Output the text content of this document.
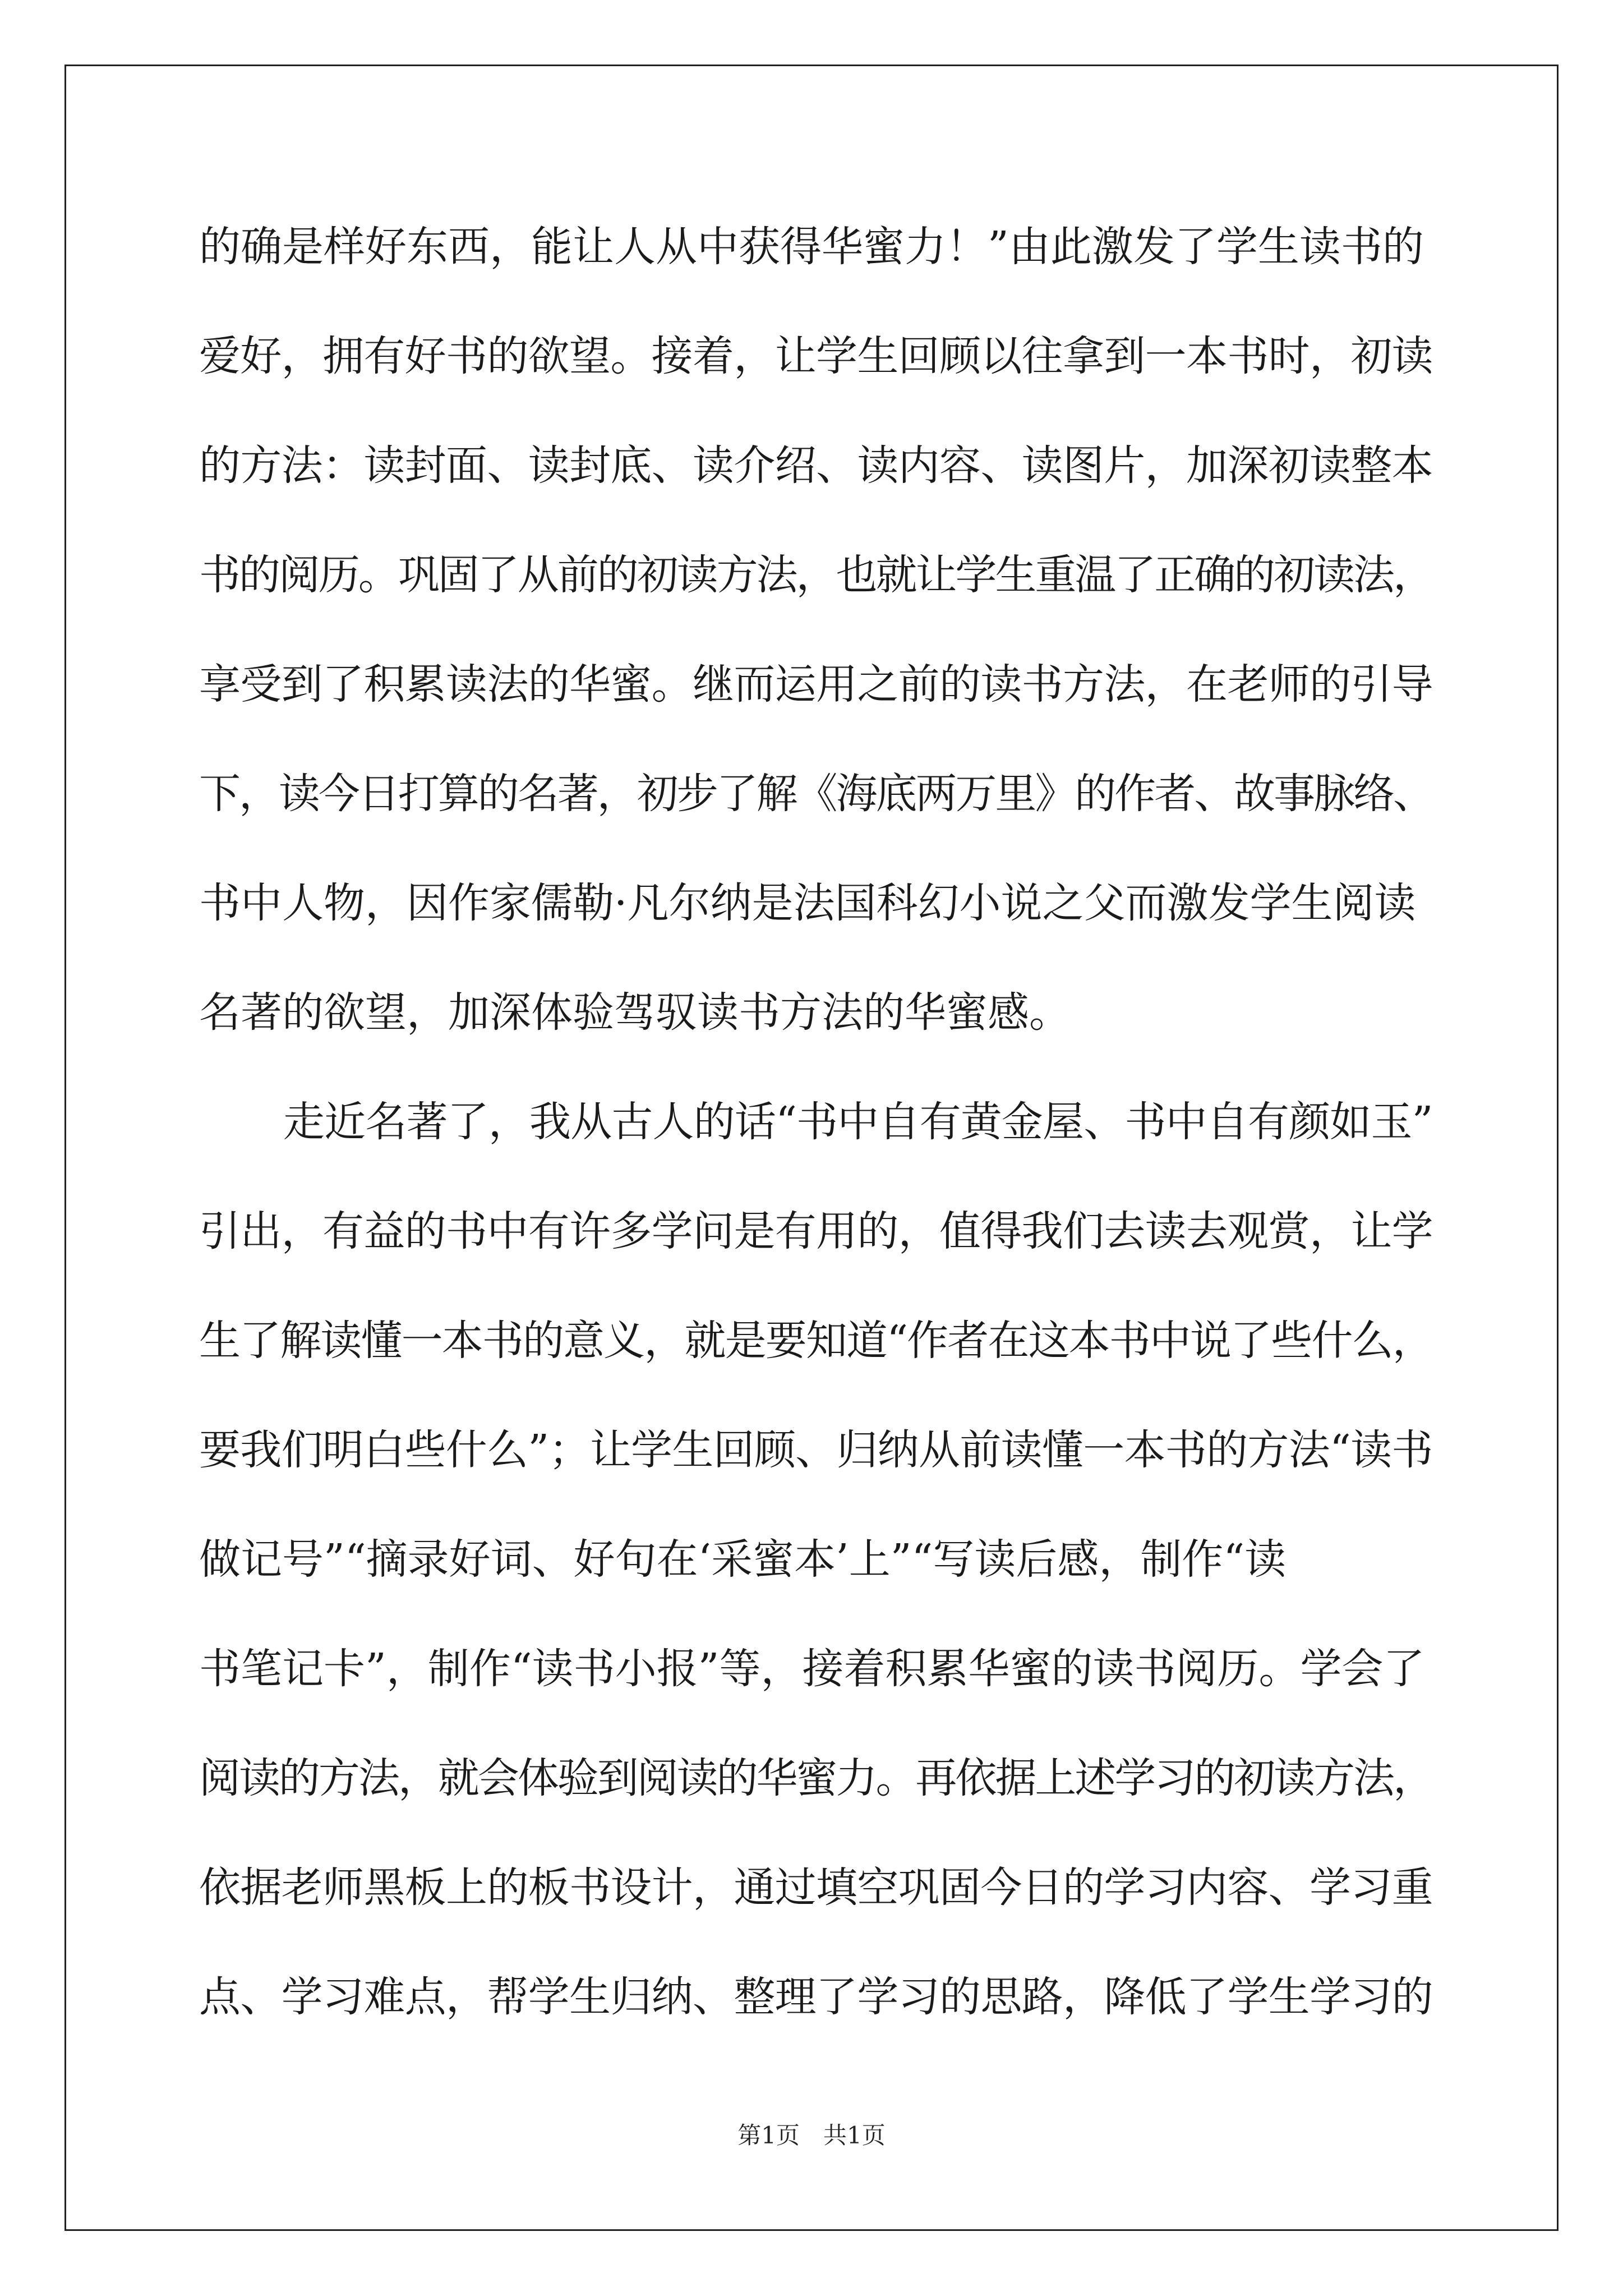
的确是样好东西，能让人从中获得华蜜力！”由此激发了学生读书的
爱好，拥有好书的欲望。接着，让学生回顾以往拿到一本书时，初读
的方法：读封面、读封底、读介绍、读内容、读图片，加深初读整本
书的阅历。巩固了从前的初读方法，也就让学生重温了正确的初读法，
享受到了积累读法的华蜜。继而运用之前的读书方法，在老师的引导
下，读今日打算的名著，初步了解《海底两万里》的作者、故事脉络、
书中人物，因作家儒勒·凡尔纳是法国科幻小说之父而激发学生阅读
名著的欲望，加深体验驾驭读书方法的华蜜感。
走近名著了，我从古人的话“书中自有黄金屋、书中自有颜如玉”
引出，有益的书中有许多学问是有用的，值得我们去读去观赏，让学
生了解读懂一本书的意义，就是要知道“作者在这本书中说了些什么，
要我们明白些什么”；让学生回顾、归纳从前读懂一本书的方法“读书
做记号”“摘录好词、好句在‘采蜜本’上”“写读后感，制作“读
书笔记卡”，制作“读书小报”等，接着积累华蜜的读书阅历。学会了
阅读的方法，就会体验到阅读的华蜜力。再依据上述学习的初读方法，
依据老师黑板上的板书设计，通过填空巩固今日的学习内容、学习重
点、学习难点，帮学生归纳、整理了学习的思路，降低了学生学习的
第1页　共1页
